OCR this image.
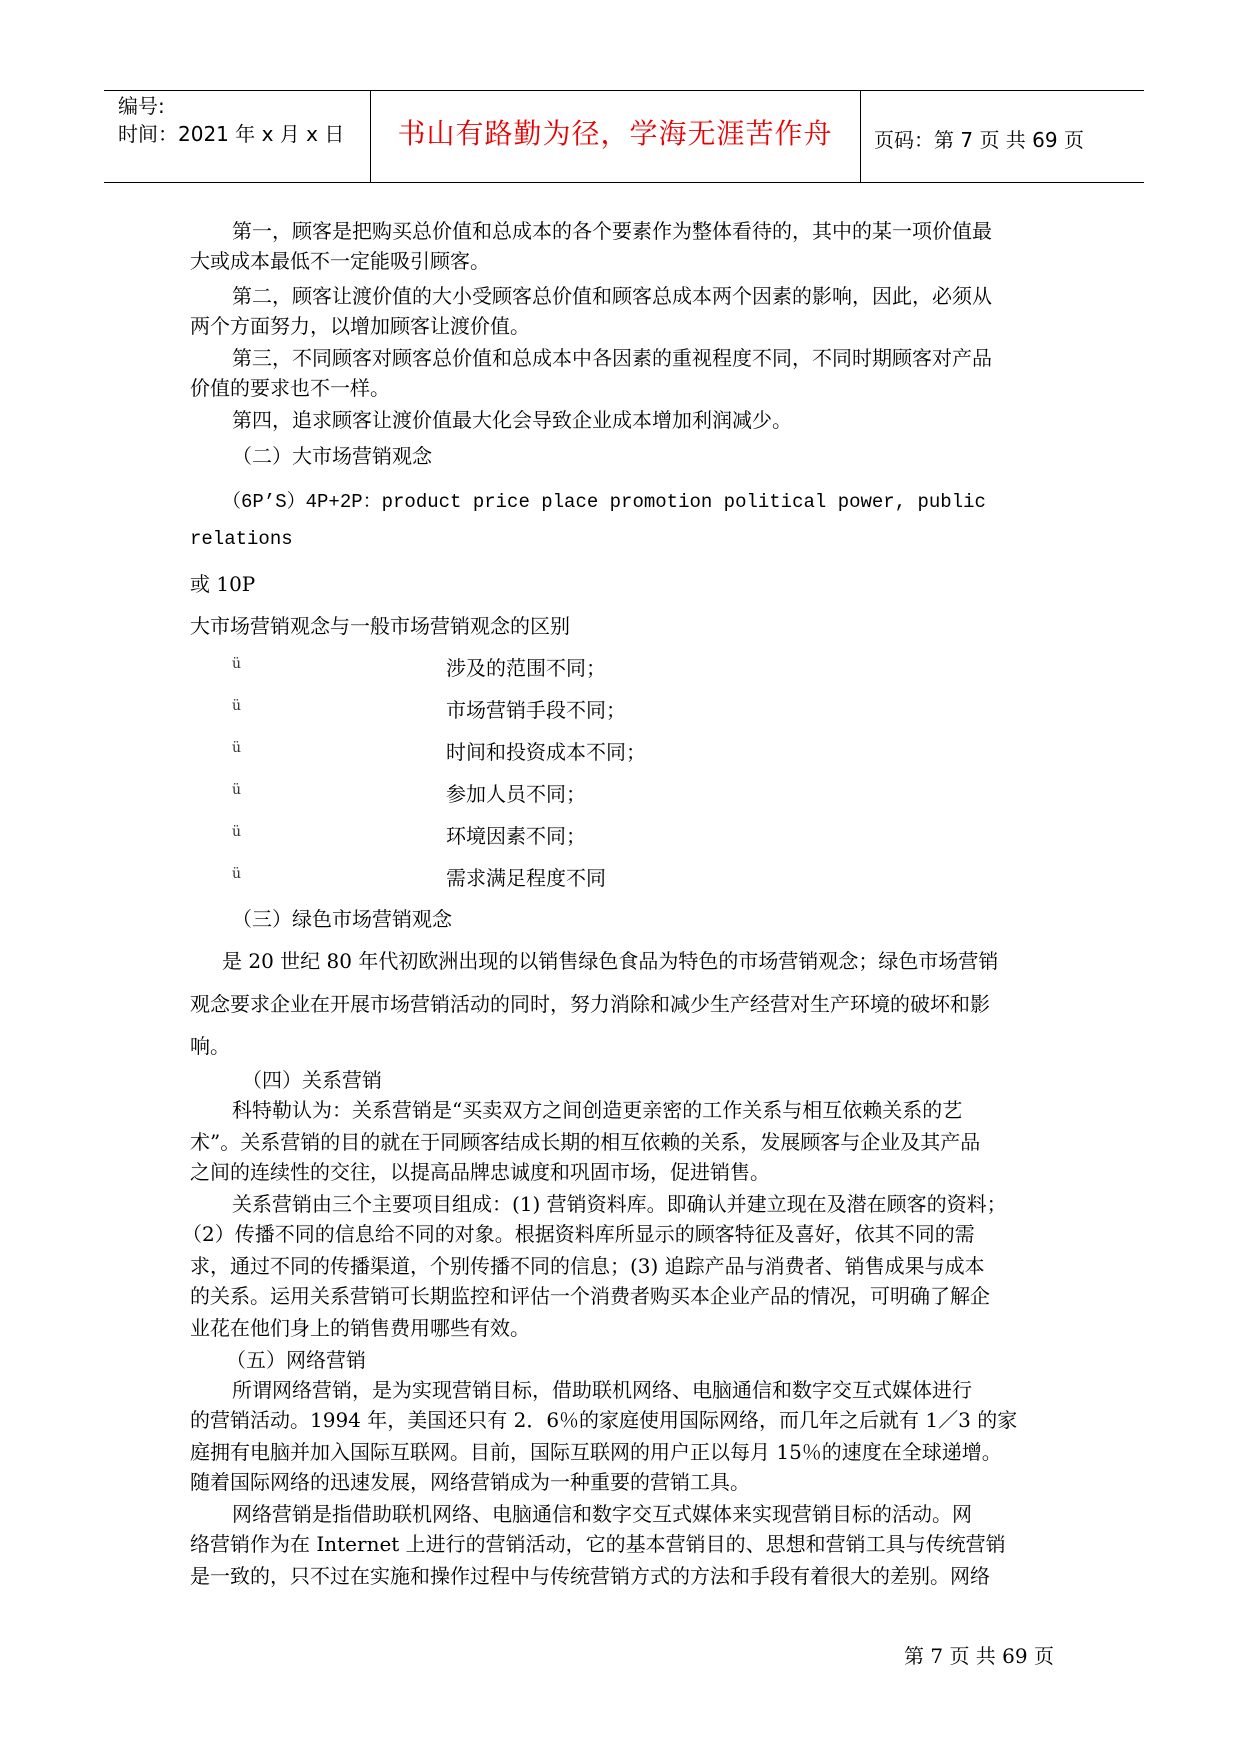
编号:
时间：2021 年 x 月 x 日	书山有路勤为径，学海无涯苦作舟	页码：第 7 页 共 69 页
第一，顾客是把购买总价值和总成本的各个要素作为整体看待的，其中的某一项价值最
大或成本最低不一定能吸引顾客。
第二，顾客让渡价值的大小受顾客总价值和顾客总成本两个因素的影响，因此，必须从
两个方面努力，以增加顾客让渡价值。
第三，不同顾客对顾客总价值和总成本中各因素的重视程度不同，不同时期顾客对产品
价值的要求也不一样。
第四，追求顾客让渡价值最大化会导致企业成本增加利润减少。
（二）大市场营销观念
（6P’S）4P+2P：product price place promotion political power, public
relations
或 10P
大市场营销观念与一般市场营销观念的区别
ü	涉及的范围不同；
ü	市场营销手段不同；
ü	时间和投资成本不同；
ü	参加人员不同；
ü	环境因素不同；
ü	需求满足程度不同
（三）绿色市场营销观念
是 20 世纪 80 年代初欧洲出现的以销售绿色食品为特色的市场营销观念；绿色市场营销
观念要求企业在开展市场营销活动的同时，努力消除和减少生产经营对生产环境的破坏和影
响。
（四）关系营销
科特勒认为：关系营销是“买卖双方之间创造更亲密的工作关系与相互依赖关系的艺
术”。关系营销的目的就在于同顾客结成长期的相互依赖的关系，发展顾客与企业及其产品
之间的连续性的交往，以提高品牌忠诚度和巩固市场，促进销售。
关系营销由三个主要项目组成：(1) 营销资料库。即确认并建立现在及潜在顾客的资料；
（2）传播不同的信息给不同的对象。根据资料库所显示的顾客特征及喜好，依其不同的需
求，通过不同的传播渠道，个别传播不同的信息；(3) 追踪产品与消费者、销售成果与成本
的关系。运用关系营销可长期监控和评估一个消费者购买本企业产品的情况，可明确了解企
业花在他们身上的销售费用哪些有效。
（五）网络营销
所谓网络营销，是为实现营销目标，借助联机网络、电脑通信和数字交互式媒体进行
的营销活动。1994 年，美国还只有 2．6％的家庭使用国际网络，而几年之后就有 1／3 的家
庭拥有电脑并加入国际互联网。目前，国际互联网的用户正以每月 15％的速度在全球递增。
随着国际网络的迅速发展，网络营销成为一种重要的营销工具。
网络营销是指借助联机网络、电脑通信和数字交互式媒体来实现营销目标的活动。网
络营销作为在 Internet 上进行的营销活动，它的基本营销目的、思想和营销工具与传统营销
是一致的，只不过在实施和操作过程中与传统营销方式的方法和手段有着很大的差别。网络
第 7 页 共 69 页
